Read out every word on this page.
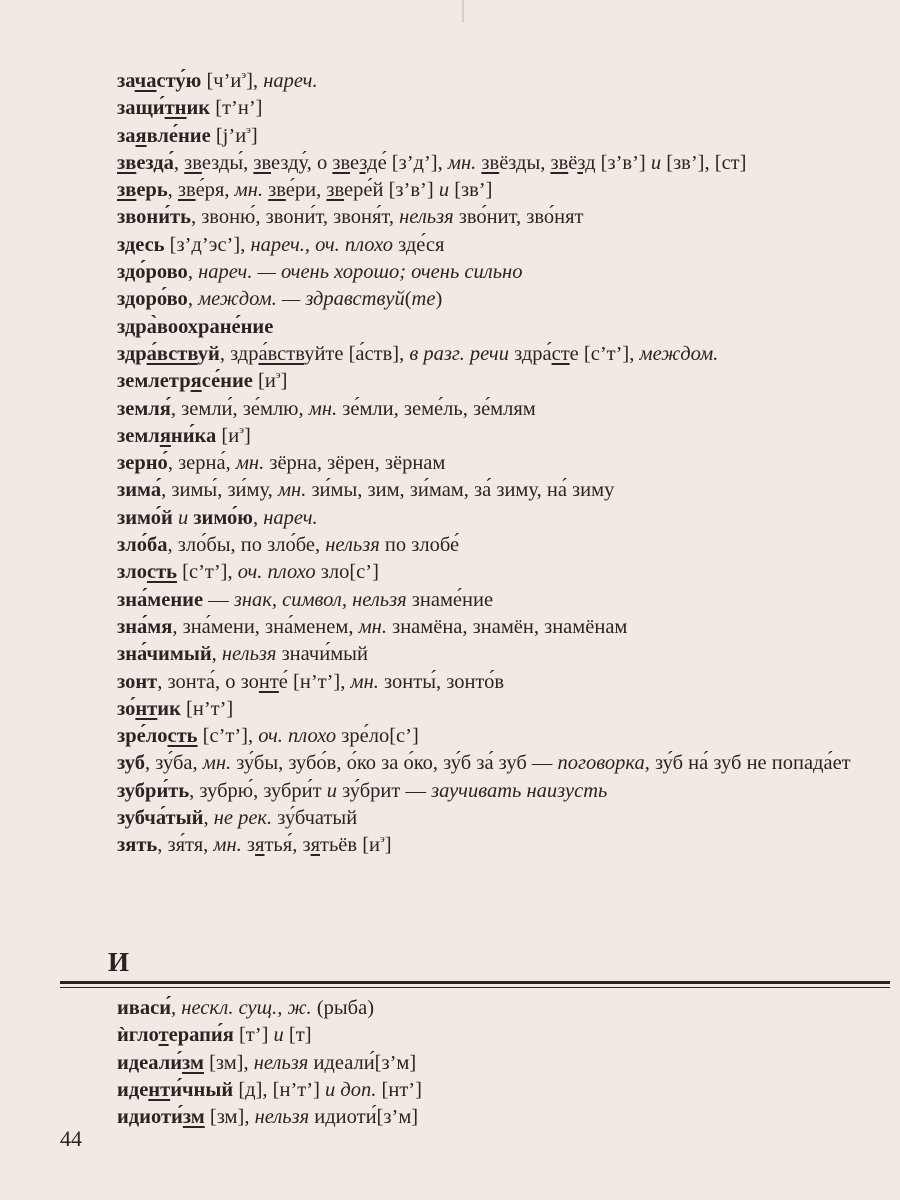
зачасту́ю $[ч’и^э]$, нареч.

защи́тник [т’н’]

заявле́ние $[j’и^э]$

звезда́, звезды́, звезду́, о звезде́ [з’д’], мн. звёзды, звёзд [з’в’] и [зв’], [ст]

зверь, зве́ря, мн. зве́ри, звере́й [з’в’] и [зв’]

звони́ть, звоню́, звони́т, звоня́т, нельзя зво́нит, зво́нят

здесь [з’д’эс’], нареч., оч. плохо зде́ся

здо́рово, нареч. — очень хорошо; очень сильно

здоро́во, междом. — здравствуй(те)

здра̀воохране́ние

здра́вствуй, здра́вствуйте [а́ств], в разг. речи здра́сте [с’т’], междом.

землетрясе́ние $[и^э]$

земля́, земли́, зе́млю, мн. зе́мли, земе́ль, зе́млям

земляни́ка $[и^э]$

зерно́, зерна́, мн. зёрна, зёрен, зёрнам

зима́, зимы́, зи́му, мн. зи́мы, зим, зи́мам, за́ зиму, на́ зиму

зимо́й и зимо́ю, нареч.

зло́ба, зло́бы, по зло́бе, нельзя по злобе́

злость [с’т’], оч. плохо зло[с’]

зна́мение — знак, символ, нельзя знаме́ние

зна́мя, зна́мени, зна́менем, мн. знамёна, знамён, знамёнам

зна́чимый, нельзя значи́мый

зонт, зонта́, о зонте́ [н’т’], мн. зонты́, зонто́в

зо́нтик [н’т’]

зре́лость [с’т’], оч. плохо зре́ло[с’]

зуб, зу́ба, мн. зу́бы, зубо́в, о́ко за о́ко, зу́б за́ зуб — поговорка, зу́б на́ зуб не попада́ет

зубри́ть, зубрю́, зубри́т и зу́брит — заучивать наизусть

зубча́тый, не рек. зу́бчатый

зять, зя́тя, мн. зятья́, зятьёв $[и^э]$

И

иваси́, нескл. сущ., ж. (рыба)

ѝглотерапи́я [т’] и [т]

идеали́зм [зм], нельзя идеали́[з’м]

иденти́чный [д], [н’т’] и доп. [нт’]

идиоти́зм [зм], нельзя идиоти́[з’м]

44
